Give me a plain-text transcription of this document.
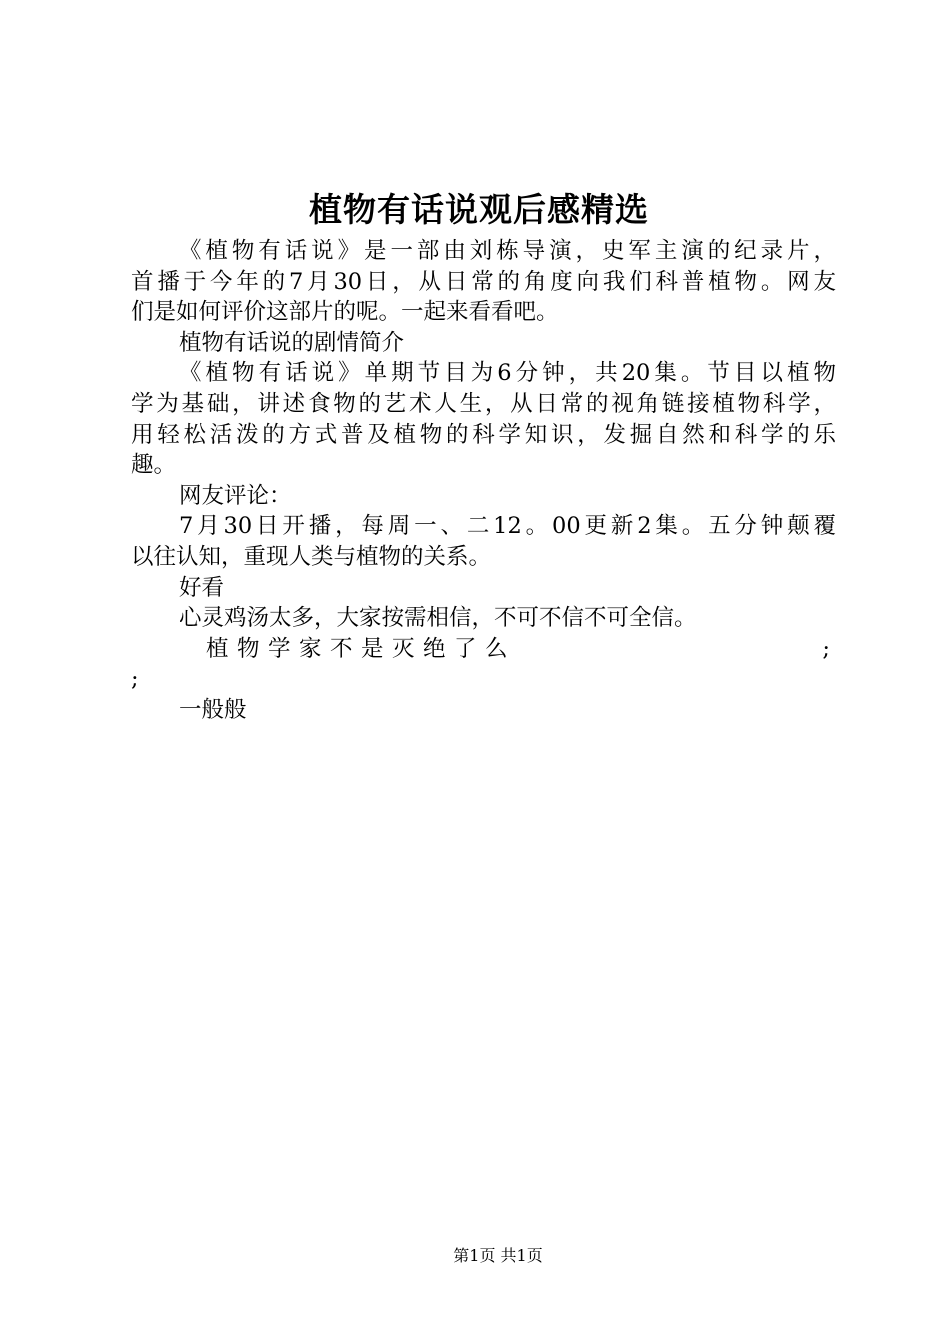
植物有话说观后感精选
《植物有话说》是一部由刘栋导演，史军主演的纪录片，
首播于今年的7月30日，从日常的角度向我们科普植物。网友
们是如何评价这部片的呢。一起来看看吧。
植物有话说的剧情简介
《植物有话说》单期节目为6分钟，共20集。节目以植物
学为基础，讲述食物的艺术人生，从日常的视角链接植物科学，
用轻松活泼的方式普及植物的科学知识，发掘自然和科学的乐
趣。
网友评论：
7月30日开播，每周一、二12。00更新2集。五分钟颠覆
以往认知，重现人类与植物的关系。
好看
心灵鸡汤太多，大家按需相信，不可不信不可全信。
植物学家不是灭绝了么	;
;
一般般
第1页 共1页
